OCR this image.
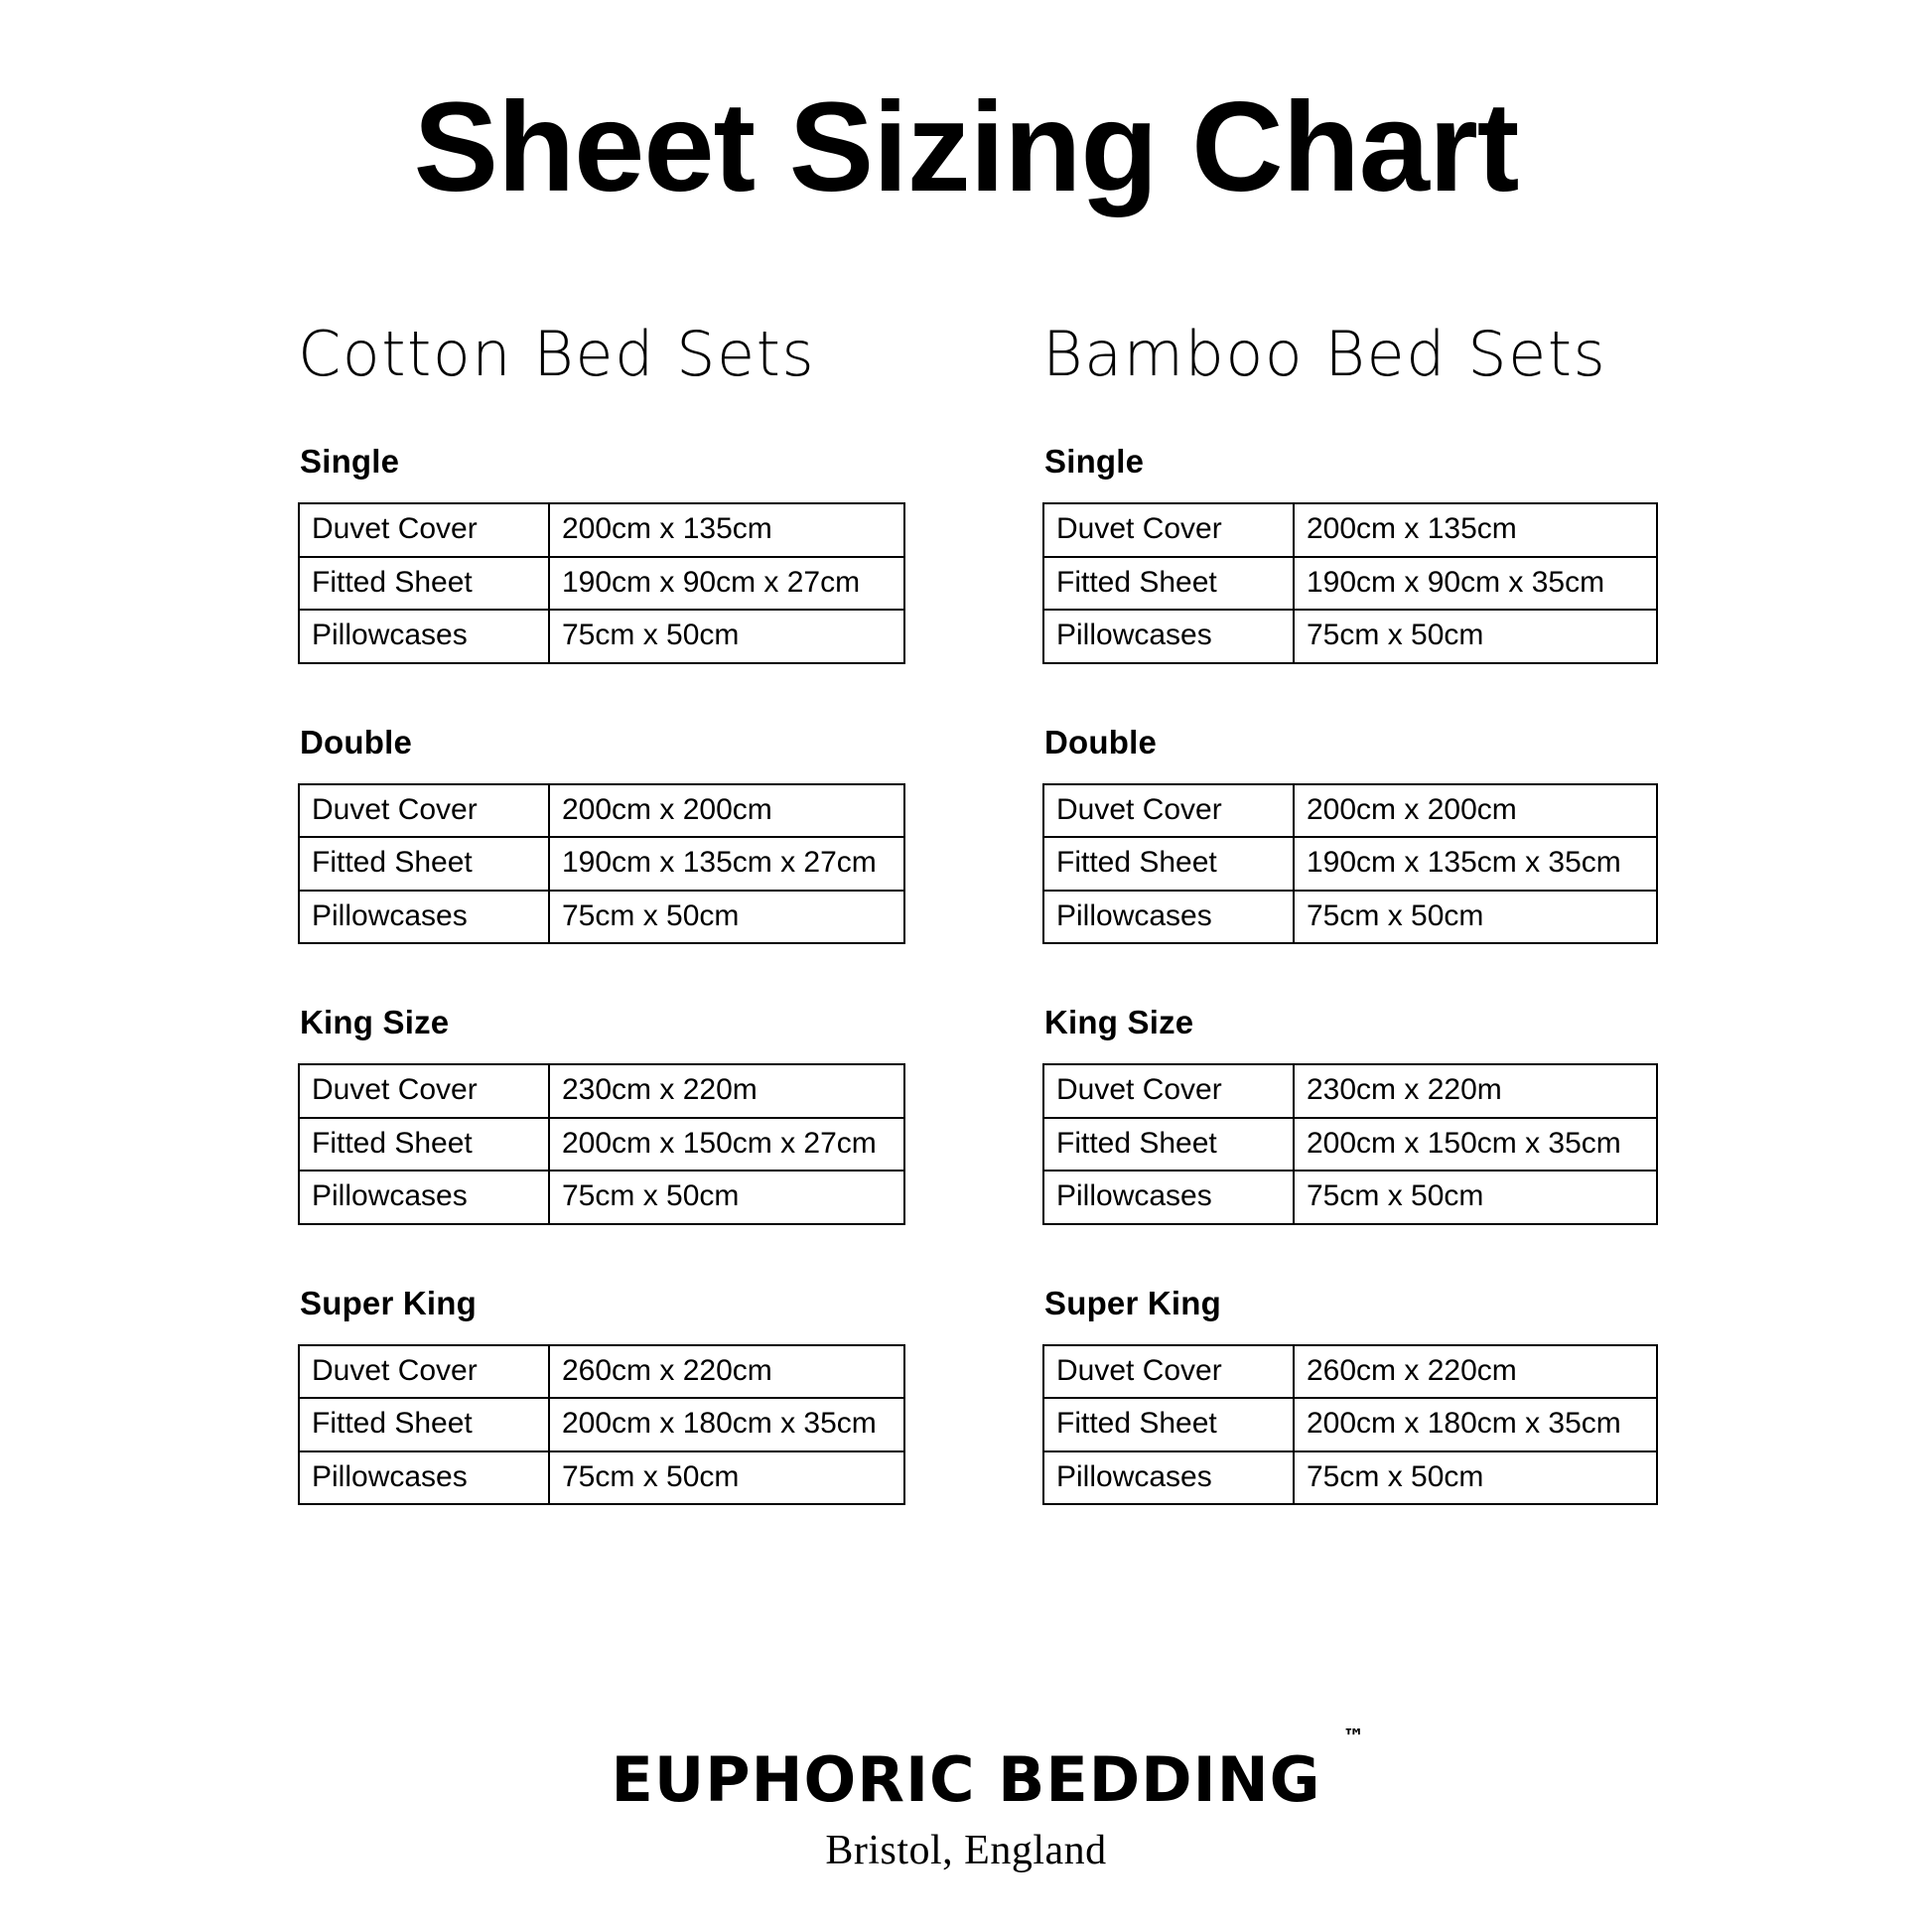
Sheet Sizing Chart
Cotton Bed Sets
Single
Duvet Cover	200cm x 135cm
Fitted Sheet	190cm x 90cm x 27cm
Pillowcases	75cm x 50cm
Double
Duvet Cover	200cm x 200cm
Fitted Sheet	190cm x 135cm x 27cm
Pillowcases	75cm x 50cm
King Size
Duvet Cover	230cm x 220m
Fitted Sheet	200cm x 150cm x 27cm
Pillowcases	75cm x 50cm
Super King
Duvet Cover	260cm x 220cm
Fitted Sheet	200cm x 180cm x 35cm
Pillowcases	75cm x 50cm
Bamboo Bed Sets
Single
Duvet Cover	200cm x 135cm
Fitted Sheet	190cm x 90cm x 35cm
Pillowcases	75cm x 50cm
Double
Duvet Cover	200cm x 200cm
Fitted Sheet	190cm x 135cm x 35cm
Pillowcases	75cm x 50cm
King Size
Duvet Cover	230cm x 220m
Fitted Sheet	200cm x 150cm x 35cm
Pillowcases	75cm x 50cm
Super King
Duvet Cover	260cm x 220cm
Fitted Sheet	200cm x 180cm x 35cm
Pillowcases	75cm x 50cm
EUPHORIC BEDDING
™
Bristol, England
